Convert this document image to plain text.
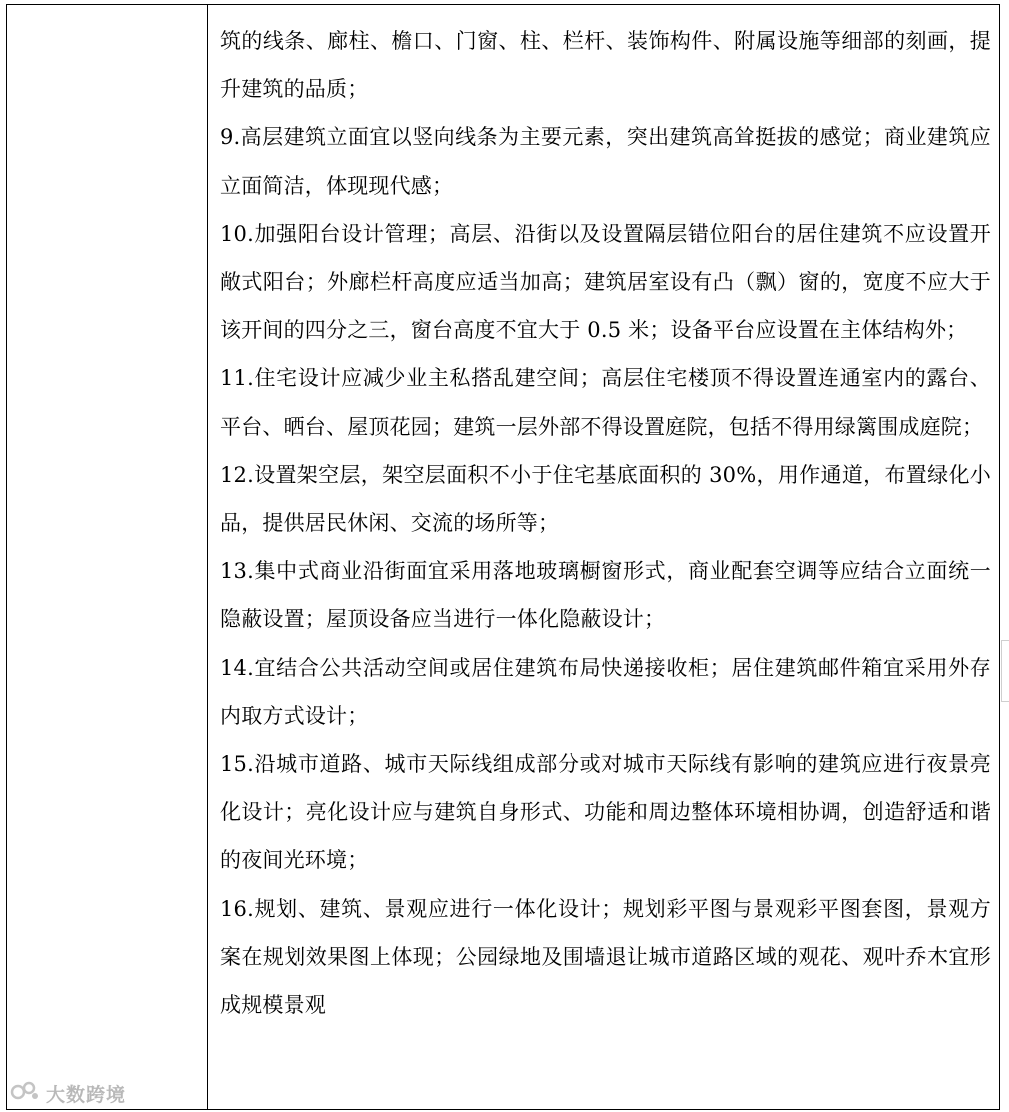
筑的线条、廊柱、檐口、门窗、柱、栏杆、装饰构件、附属设施等细部的刻画，提升建筑的品质；

9.高层建筑立面宜以竖向线条为主要元素，突出建筑高耸挺拔的感觉；商业建筑应立面简洁，体现现代感；

10.加强阳台设计管理；高层、沿街以及设置隔层错位阳台的居住建筑不应设置开敞式阳台；外廊栏杆高度应适当加高；建筑居室设有凸（飘）窗的，宽度不应大于该开间的四分之三，窗台高度不宜大于 0.5 米；设备平台应设置在主体结构外；

11.住宅设计应减少业主私搭乱建空间；高层住宅楼顶不得设置连通室内的露台、平台、晒台、屋顶花园；建筑一层外部不得设置庭院，包括不得用绿篱围成庭院；

12.设置架空层，架空层面积不小于住宅基底面积的 30%，用作通道，布置绿化小品，提供居民休闲、交流的场所等；

13.集中式商业沿街面宜采用落地玻璃橱窗形式，商业配套空调等应结合立面统一隐蔽设置；屋顶设备应当进行一体化隐蔽设计；

14.宜结合公共活动空间或居住建筑布局快递接收柜；居住建筑邮件箱宜采用外存内取方式设计；

15.沿城市道路、城市天际线组成部分或对城市天际线有影响的建筑应进行夜景亮化设计；亮化设计应与建筑自身形式、功能和周边整体环境相协调，创造舒适和谐的夜间光环境；

16.规划、建筑、景观应进行一体化设计；规划彩平图与景观彩平图套图，景观方案在规划效果图上体现；公园绿地及围墙退让城市道路区域的观花、观叶乔木宜形成规模景观

大数跨境
